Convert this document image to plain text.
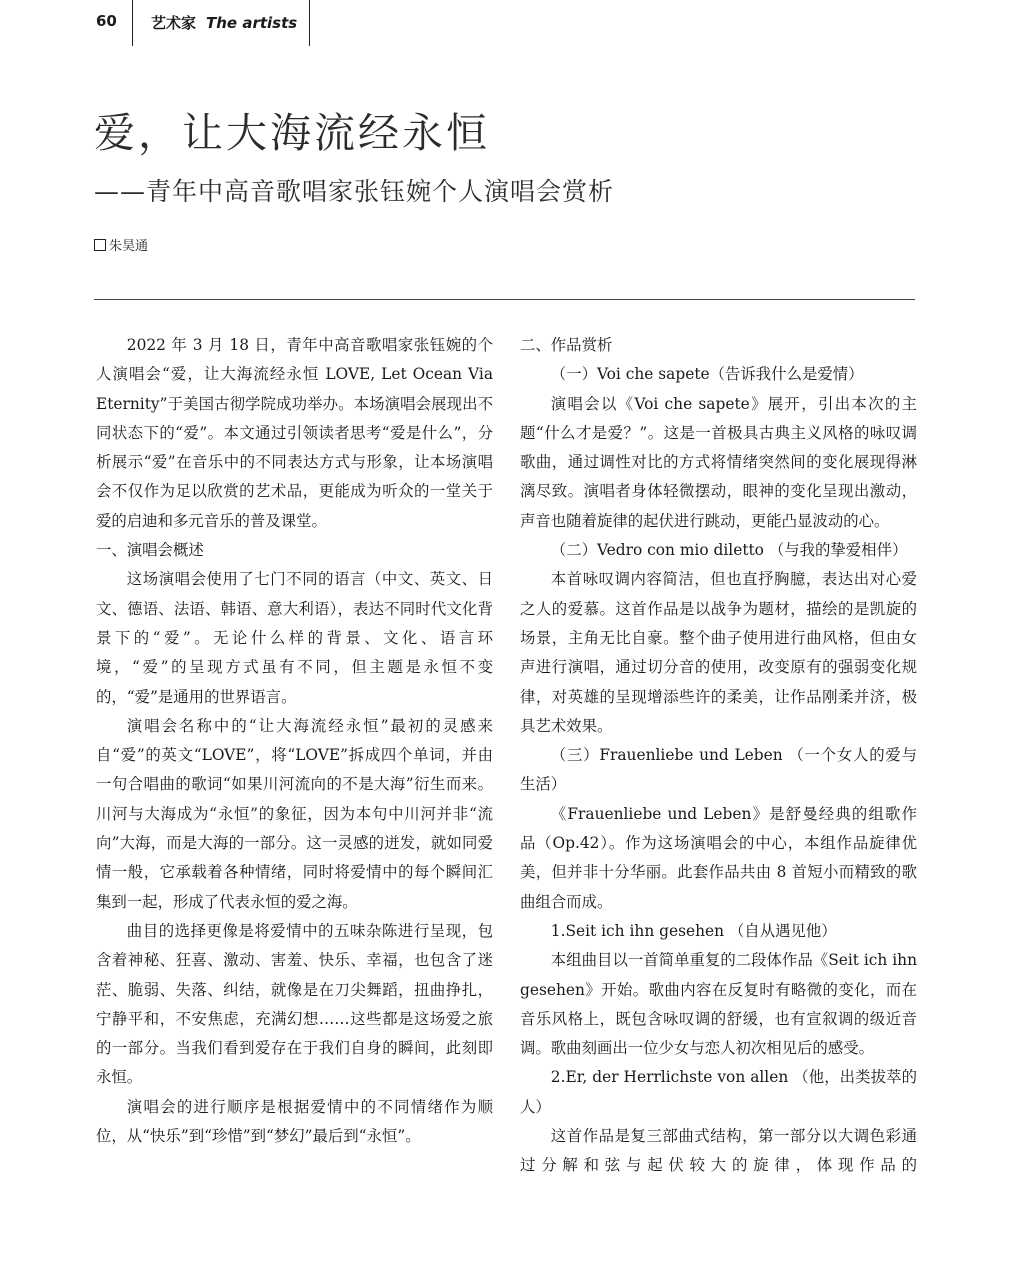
60 艺术家 The artists
爱，让大海流经永恒
——青年中高音歌唱家张钰婉个人演唱会赏析
朱昊通

2022 年 3 月 18 日，青年中高音歌唱家张钰婉的个人演唱会“爱，让大海流经永恒 LOVE, Let Ocean Via Eternity”于美国古彻学院成功举办。本场演唱会展现出不同状态下的“爱”。本文通过引领读者思考“爱是什么”，分析展示“爱”在音乐中的不同表达方式与形象，让本场演唱会不仅作为足以欣赏的艺术品，更能成为听众的一堂关于爱的启迪和多元音乐的普及课堂。

一、演唱会概述

这场演唱会使用了七门不同的语言（中文、英文、日文、德语、法语、韩语、意大利语），表达不同时代文化背景下的“爱”。无论什么样的背景、文化、语言环境，“爱”的呈现方式虽有不同，但主题是永恒不变的，“爱”是通用的世界语言。

演唱会名称中的“让大海流经永恒”最初的灵感来自“爱”的英文“LOVE”，将“LOVE”拆成四个单词，并由一句合唱曲的歌词“如果川河流向的不是大海”衍生而来。川河与大海成为“永恒”的象征，因为本句中川河并非“流向”大海，而是大海的一部分。这一灵感的迸发，就如同爱情一般，它承载着各种情绪，同时将爱情中的每个瞬间汇集到一起，形成了代表永恒的爱之海。

曲目的选择更像是将爱情中的五味杂陈进行呈现，包含着神秘、狂喜、激动、害羞、快乐、幸福，也包含了迷茫、脆弱、失落、纠结，就像是在刀尖舞蹈，扭曲挣扎，宁静平和，不安焦虑，充满幻想……这些都是这场爱之旅的一部分。当我们看到爱存在于我们自身的瞬间，此刻即永恒。

演唱会的进行顺序是根据爱情中的不同情绪作为顺位，从“快乐”到“珍惜”到“梦幻”最后到“永恒”。

二、作品赏析

（一）Voi che sapete（告诉我什么是爱情）

演唱会以《Voi che sapete》展开，引出本次的主题“什么才是爱？”。这是一首极具古典主义风格的咏叹调歌曲，通过调性对比的方式将情绪突然间的变化展现得淋漓尽致。演唱者身体轻微摆动，眼神的变化呈现出激动，声音也随着旋律的起伏进行跳动，更能凸显波动的心。

（二）Vedro con mio diletto （与我的挚爱相伴）

本首咏叹调内容简洁，但也直抒胸臆，表达出对心爱之人的爱慕。这首作品是以战争为题材，描绘的是凯旋的场景，主角无比自豪。整个曲子使用进行曲风格，但由女声进行演唱，通过切分音的使用，改变原有的强弱变化规律，对英雄的呈现增添些许的柔美，让作品刚柔并济，极具艺术效果。

（三）Frauenliebe und Leben （一个女人的爱与生活）

《Frauenliebe und Leben》是舒曼经典的组歌作品（Op.42）。作为这场演唱会的中心，本组作品旋律优美，但并非十分华丽。此套作品共由 8 首短小而精致的歌曲组合而成。

1.Seit ich ihn gesehen （自从遇见他）

本组曲目以一首简单重复的二段体作品《Seit ich ihn gesehen》开始。歌曲内容在反复时有略微的变化，而在音乐风格上，既包含咏叹调的舒缓，也有宣叙调的级近音调。歌曲刻画出一位少女与恋人初次相见后的感受。

2.Er, der Herrlichste von allen （他，出类拔萃的人）

这首作品是复三部曲式结构，第一部分以大调色彩通过分解和弦与起伏较大的旋律，体现作品的
